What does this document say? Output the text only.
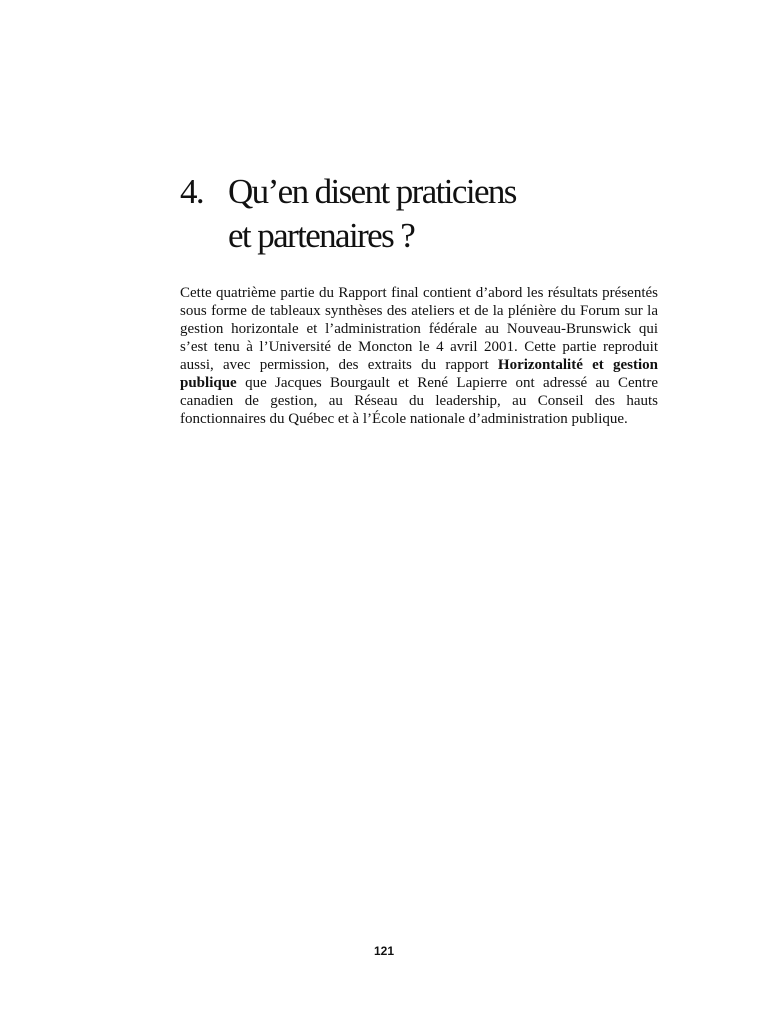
4. Qu’en disent praticiens
et partenaires ?

Cette quatrième partie du Rapport final contient d’abord les résultats présentés sous forme de tableaux synthèses des ateliers et de la plénière du Forum sur la gestion horizontale et l’administration fédérale au Nouveau-Brunswick qui s’est tenu à l’Université de Moncton le 4 avril 2001. Cette partie reproduit aussi, avec permission, des extraits du rapport Horizontalité et gestion publique que Jacques Bourgault et René Lapierre ont adressé au Centre canadien de gestion, au Réseau du leadership, au Conseil des hauts fonctionnaires du Québec et à l’École nationale d’administration publique.

121
